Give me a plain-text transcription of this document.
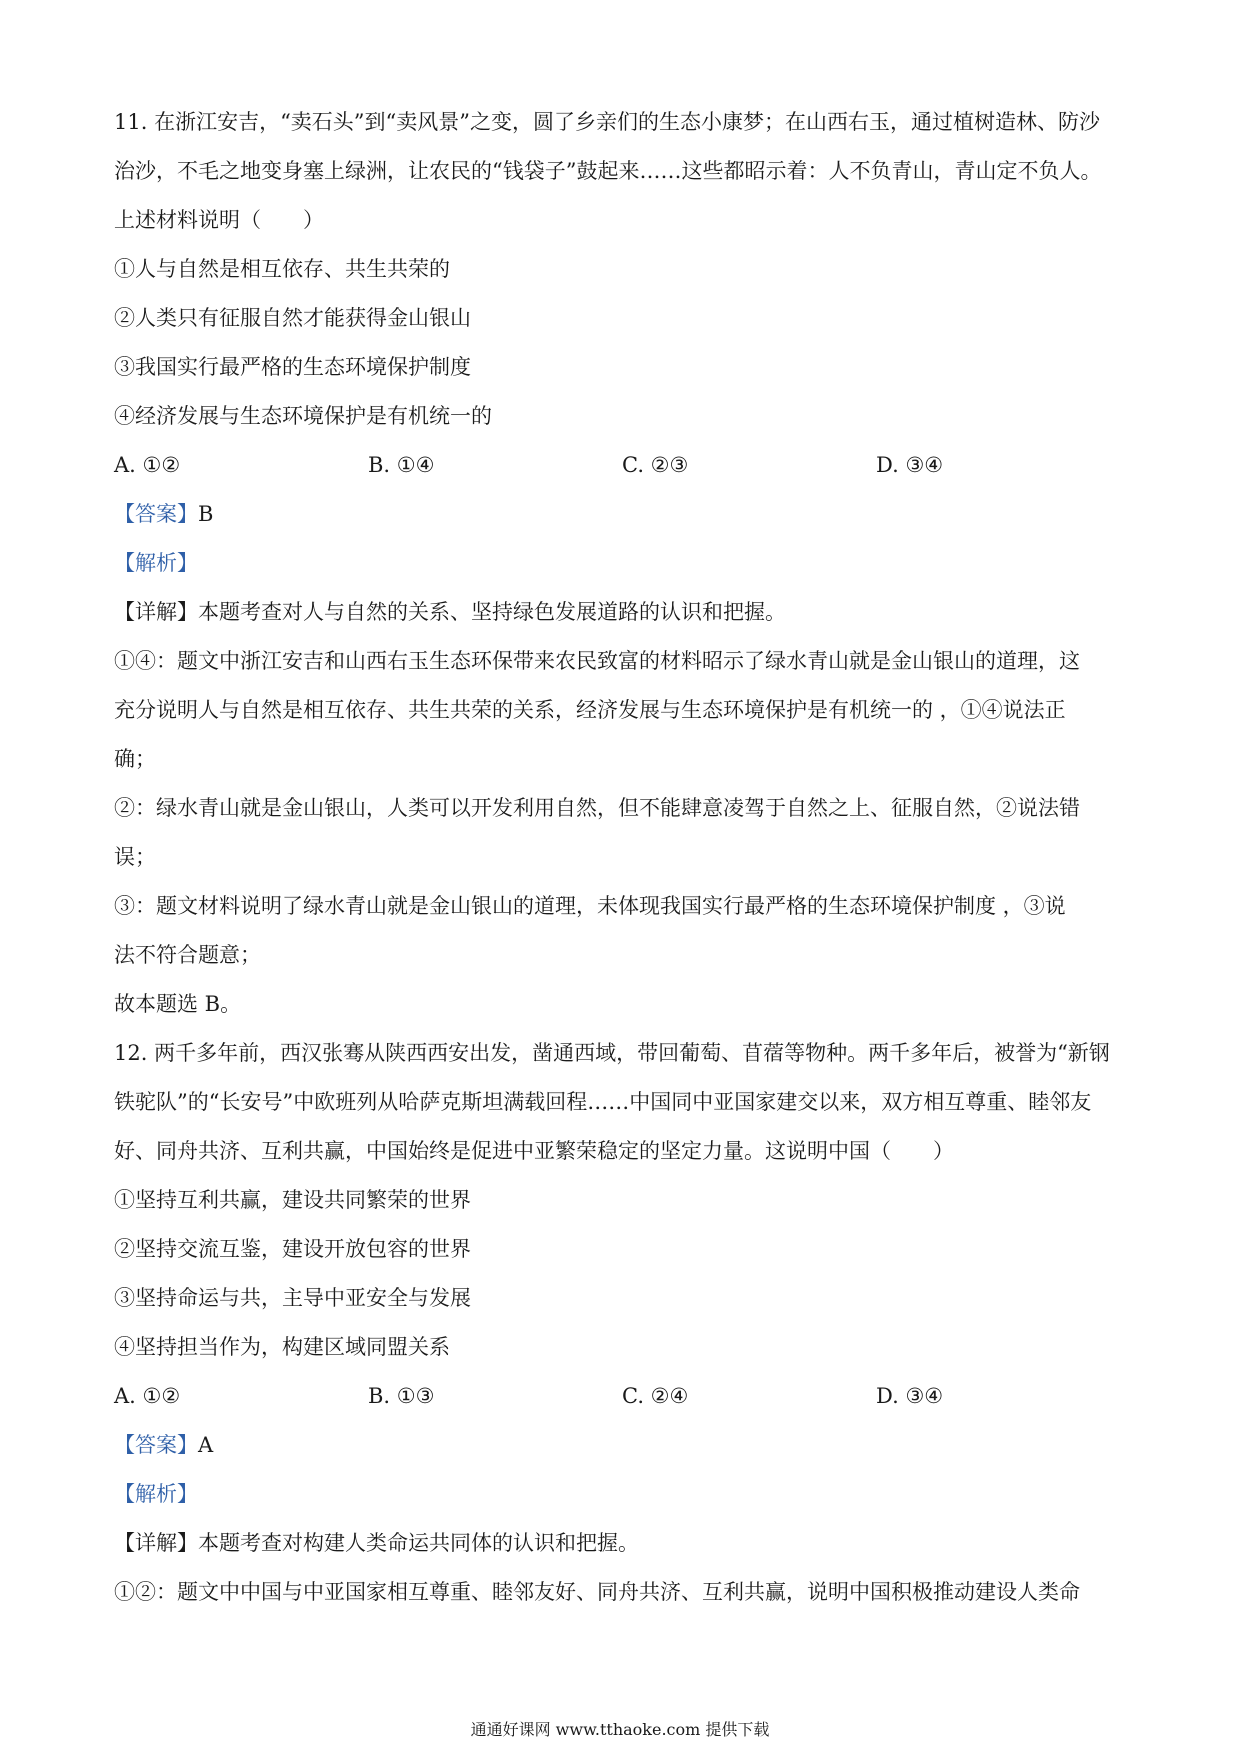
11. 在浙江安吉，“卖石头”到“卖风景”之变，圆了乡亲们的生态小康梦；在山西右玉，通过植树造林、防沙
治沙，不毛之地变身塞上绿洲，让农民的“钱袋子”鼓起来……这些都昭示着：人不负青山，青山定不负人。
上述材料说明（　　）
①人与自然是相互依存、共生共荣的
②人类只有征服自然才能获得金山银山
③我国实行最严格的生态环境保护制度
④经济发展与生态环境保护是有机统一的
A. ①②	B. ①④	C. ②③	D. ③④
【答案】B
【解析】
【详解】本题考查对人与自然的关系、坚持绿色发展道路的认识和把握。
①④：题文中浙江安吉和山西右玉生态环保带来农民致富的材料昭示了绿水青山就是金山银山的道理，这
充分说明人与自然是相互依存、共生共荣的关系，经济发展与生态环境保护是有机统一的 ，①④说法正
确；
②：绿水青山就是金山银山，人类可以开发利用自然，但不能肆意凌驾于自然之上、征服自然，②说法错
误；
③：题文材料说明了绿水青山就是金山银山的道理，未体现我国实行最严格的生态环境保护制度 ，③说
法不符合题意；
故本题选 B。
12. 两千多年前，西汉张骞从陕西西安出发，凿通西域，带回葡萄、苜蓿等物种。两千多年后，被誉为“新钢
铁驼队”的“长安号”中欧班列从哈萨克斯坦满载回程……中国同中亚国家建交以来，双方相互尊重、睦邻友
好、同舟共济、互利共赢，中国始终是促进中亚繁荣稳定的坚定力量。这说明中国（　　）
①坚持互利共赢，建设共同繁荣的世界
②坚持交流互鉴，建设开放包容的世界
③坚持命运与共，主导中亚安全与发展
④坚持担当作为，构建区域同盟关系
A. ①②	B. ①③	C. ②④	D. ③④
【答案】A
【解析】
【详解】本题考查对构建人类命运共同体的认识和把握。
①②：题文中中国与中亚国家相互尊重、睦邻友好、同舟共济、互利共赢，说明中国积极推动建设人类命
通通好课网 www.tthaoke.com 提供下载
